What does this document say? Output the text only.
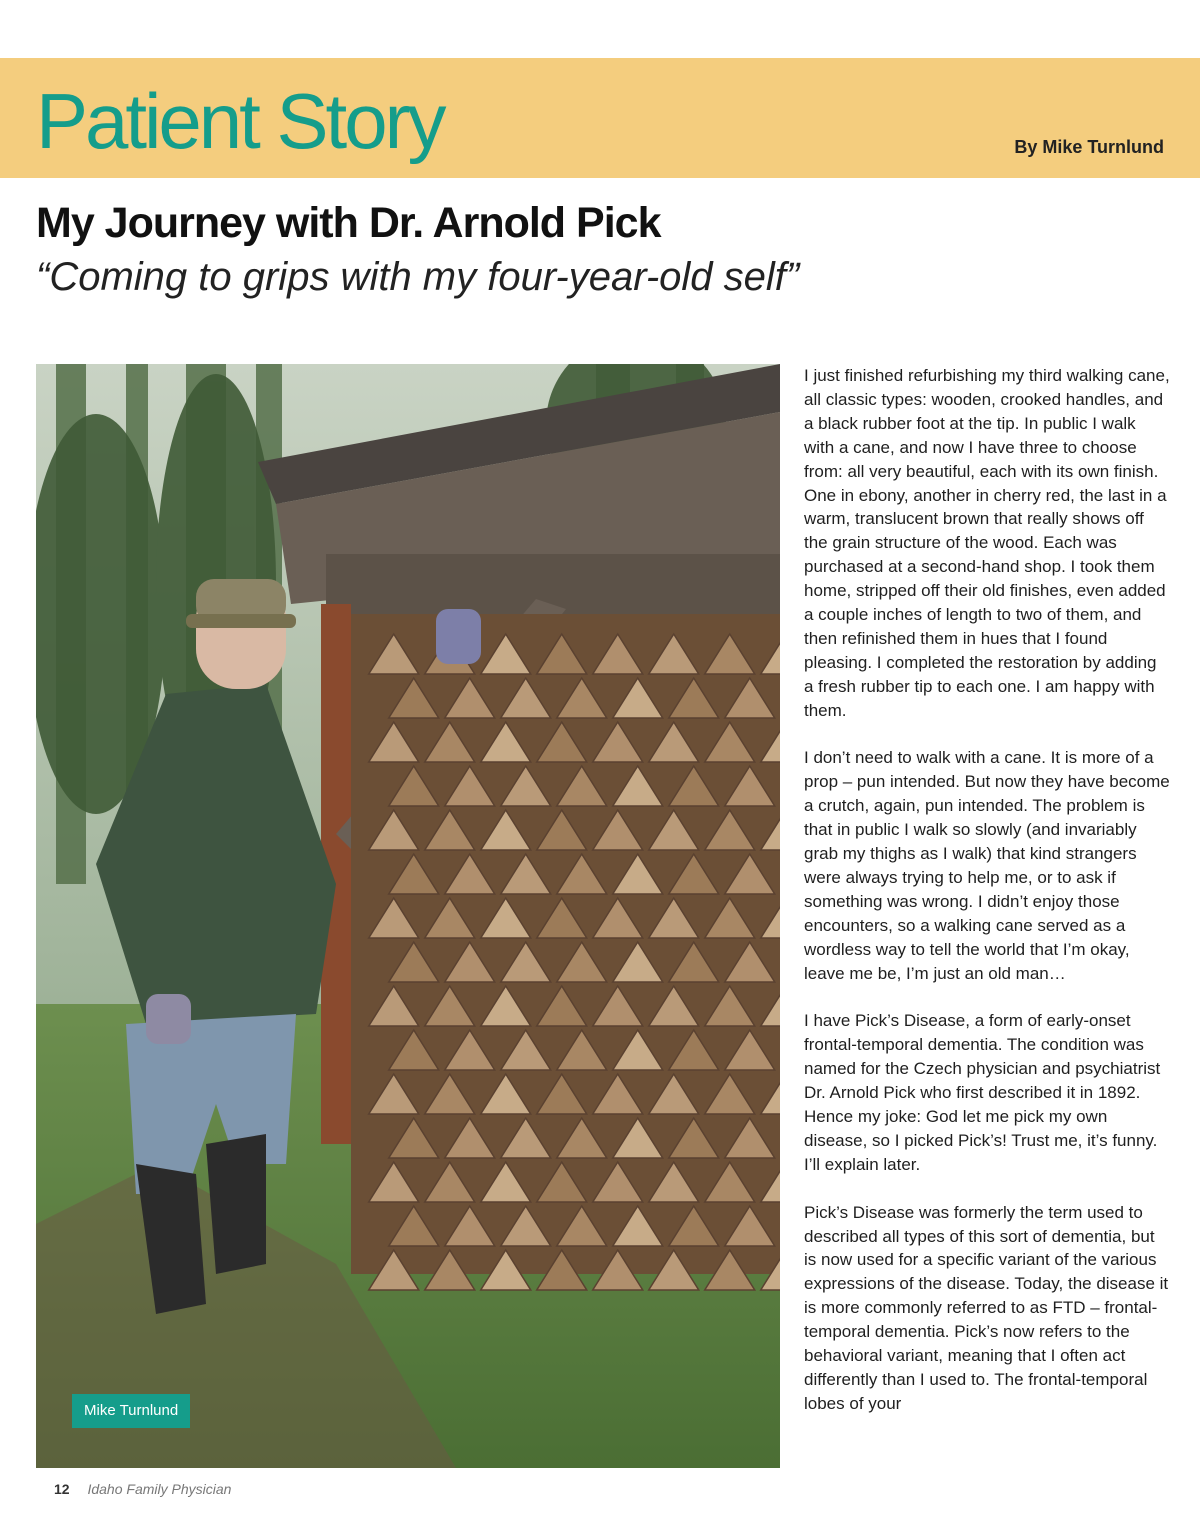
Patient Story	By Mike Turnlund
My Journey with Dr. Arnold Pick
“Coming to grips with my four-year-old self”
Mike Turnlund

I just finished refurbishing my third walking cane, all classic types: wooden, crooked handles, and a black rubber foot at the tip. In public I walk with a cane, and now I have three to choose from: all very beautiful, each with its own finish. One in ebony, another in cherry red, the last in a warm, translucent brown that really shows off the grain structure of the wood. Each was purchased at a second-hand shop. I took them home, stripped off their old finishes, even added a couple inches of length to two of them, and then refinished them in hues that I found pleasing. I completed the restoration by adding a fresh rubber tip to each one. I am happy with them.

I don’t need to walk with a cane. It is more of a prop – pun intended. But now they have become a crutch, again, pun intended. The problem is that in public I walk so slowly (and invariably grab my thighs as I walk) that kind strangers were always trying to help me, or to ask if something was wrong. I didn’t enjoy those encounters, so a walking cane served as a wordless way to tell the world that I’m okay, leave me be, I’m just an old man…

I have Pick’s Disease, a form of early-onset frontal-temporal dementia. The condition was named for the Czech physician and psychiatrist Dr. Arnold Pick who first described it in 1892. Hence my joke: God let me pick my own disease, so I picked Pick’s! Trust me, it’s funny. I’ll explain later.

Pick’s Disease was formerly the term used to described all types of this sort of dementia, but is now used for a specific variant of the various expressions of the disease. Today, the disease it is more commonly referred to as FTD – frontal-temporal dementia. Pick’s now refers to the behavioral variant, meaning that I often act differently than I used to. The frontal-temporal lobes of your

12 Idaho Family Physician
